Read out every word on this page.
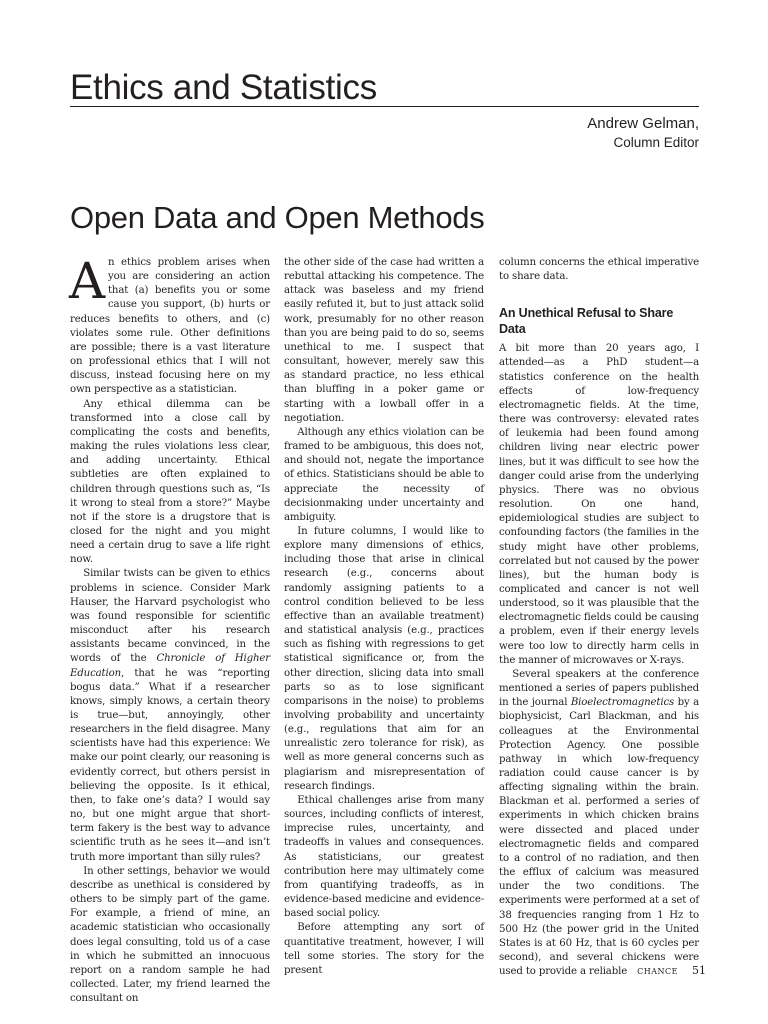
Ethics and Statistics
Andrew Gelman,
Column Editor
Open Data and Open Methods

An ethics problem arises when you are considering an action that (a) benefits you or some cause you support, (b) hurts or reduces benefits to others, and (c) violates some rule. Other definitions are possible; there is a vast literature on professional ethics that I will not discuss, instead focusing here on my own perspective as a statistician.

Any ethical dilemma can be transformed into a close call by complicating the costs and benefits, making the rules violations less clear, and adding uncertainty. Ethical subtleties are often explained to children through questions such as, “Is it wrong to steal from a store?” Maybe not if the store is a drugstore that is closed for the night and you might need a certain drug to save a life right now.

Similar twists can be given to ethics problems in science. Consider Mark Hauser, the Harvard psychologist who was found responsible for scientific misconduct after his research assistants became convinced, in the words of the Chronicle of Higher Education, that he was “reporting bogus data.” What if a researcher knows, simply knows, a certain theory is true—but, annoyingly, other researchers in the field disagree. Many scientists have had this experience: We make our point clearly, our reasoning is evidently correct, but others persist in believing the opposite. Is it ethical, then, to fake one’s data? I would say no, but one might argue that short-term fakery is the best way to advance scientific truth as he sees it—and isn’t truth more important than silly rules?

In other settings, behavior we would describe as unethical is considered by others to be simply part of the game. For example, a friend of mine, an academic statistician who occasionally does legal consulting, told us of a case in which he submitted an innocuous report on a random sample he had collected. Later, my friend learned the consultant on

the other side of the case had written a rebuttal attacking his competence. The attack was baseless and my friend easily refuted it, but to just attack solid work, presumably for no other reason than you are being paid to do so, seems unethical to me. I suspect that consultant, however, merely saw this as standard practice, no less ethical than bluffing in a poker game or starting with a lowball offer in a negotiation.

Although any ethics violation can be framed to be ambiguous, this does not, and should not, negate the importance of ethics. Statisticians should be able to appreciate the necessity of decisionmaking under uncertainty and ambiguity.

In future columns, I would like to explore many dimensions of ethics, including those that arise in clinical research (e.g., concerns about randomly assigning patients to a control condition believed to be less effective than an available treatment) and statistical analysis (e.g., practices such as fishing with regressions to get statistical significance or, from the other direction, slicing data into small parts so as to lose significant comparisons in the noise) to problems involving probability and uncertainty (e.g., regulations that aim for an unrealistic zero tolerance for risk), as well as more general concerns such as plagiarism and misrepresentation of research findings.

Ethical challenges arise from many sources, including conflicts of interest, imprecise rules, uncertainty, and tradeoffs in values and consequences. As statisticians, our greatest contribution here may ultimately come from quantifying tradeoffs, as in evidence-based medicine and evidence-based social policy.

Before attempting any sort of quantitative treatment, however, I will tell some stories. The story for the present

column concerns the ethical imperative to share data.

An Unethical Refusal to Share Data

A bit more than 20 years ago, I attended—as a PhD student—a statistics conference on the health effects of low-frequency electromagnetic fields. At the time, there was controversy: elevated rates of leukemia had been found among children living near electric power lines, but it was difficult to see how the danger could arise from the underlying physics. There was no obvious resolution. On one hand, epidemiological studies are subject to confounding factors (the families in the study might have other problems, correlated but not caused by the power lines), but the human body is complicated and cancer is not well understood, so it was plausible that the electromagnetic fields could be causing a problem, even if their energy levels were too low to directly harm cells in the manner of microwaves or X-rays.

Several speakers at the conference mentioned a series of papers published in the journal Bioelectromagnetics by a biophysicist, Carl Blackman, and his colleagues at the Environmental Protection Agency. One possible pathway in which low-frequency radiation could cause cancer is by affecting signaling within the brain. Blackman et al. performed a series of experiments in which chicken brains were dissected and placed under electromagnetic fields and compared to a control of no radiation, and then the efflux of calcium was measured under the two conditions. The experiments were performed at a set of 38 frequencies ranging from 1 Hz to 500 Hz (the power grid in the United States is at 60 Hz, that is 60 cycles per second), and several chickens were used to provide a reliable	CHANCE 51
